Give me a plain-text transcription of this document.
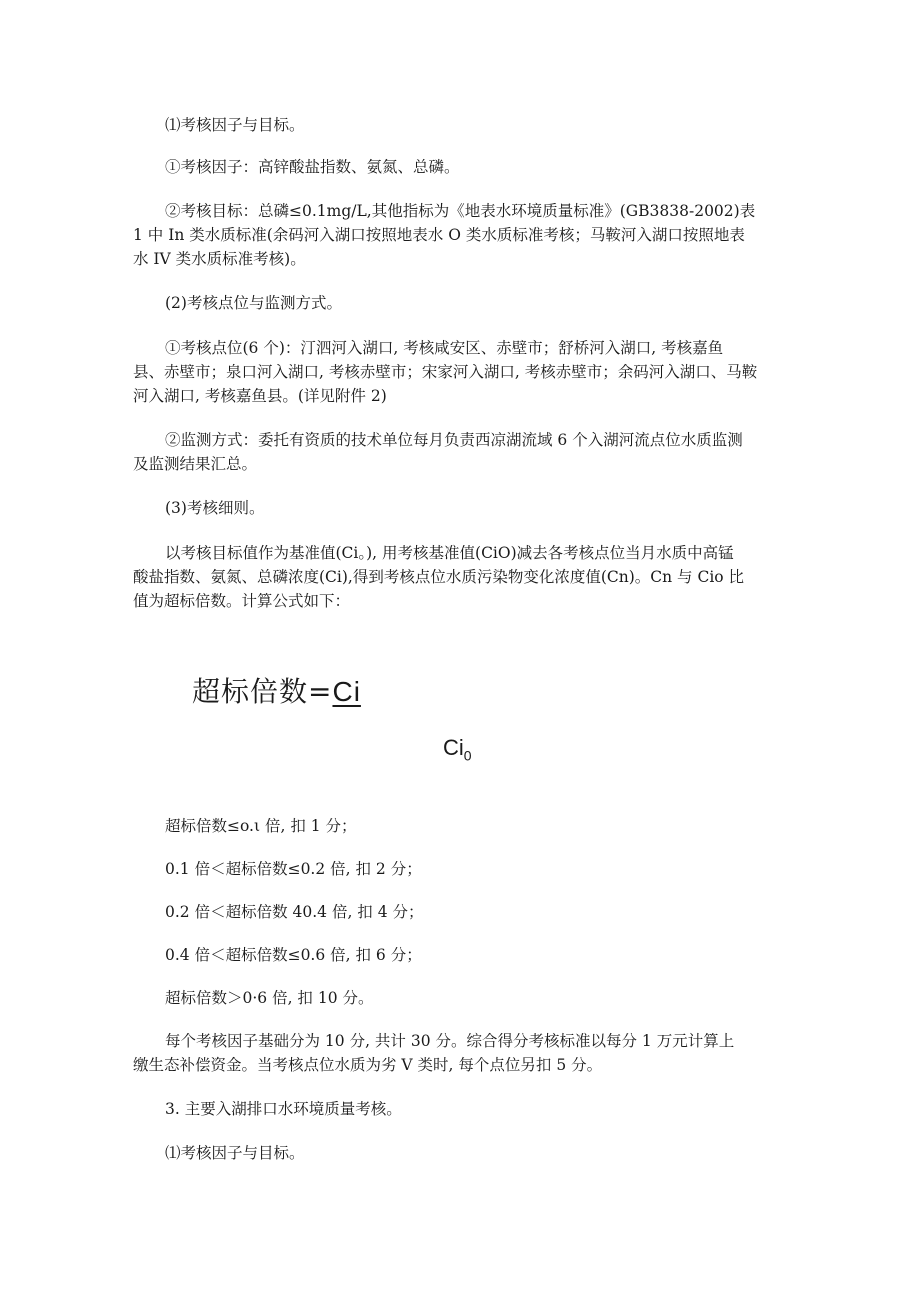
⑴考核因子与目标。
①考核因子：高锌酸盐指数、氨氮、总磷。
②考核目标：总磷≤0.1mg/L,其他指标为《地表水环境质量标准》(GB3838-2002)表
1 中 In 类水质标准(余码河入湖口按照地表水 O 类水质标准考核；马鞍河入湖口按照地表
水 IV 类水质标准考核)。
(2)考核点位与监测方式。
①考核点位(6 个)：汀泗河入湖口, 考核咸安区、赤壁市；舒桥河入湖口, 考核嘉鱼
县、赤壁市；泉口河入湖口, 考核赤壁市；宋家河入湖口, 考核赤壁市；余码河入湖口、马鞍
河入湖口, 考核嘉鱼县。(详见附件 2)
②监测方式：委托有资质的技术单位每月负责西凉湖流域 6 个入湖河流点位水质监测
及监测结果汇总。
(3)考核细则。
以考核目标值作为基准值(Ci。), 用考核基准值(CiO)减去各考核点位当月水质中高锰
酸盐指数、氨氮、总磷浓度(Ci),得到考核点位水质污染物变化浓度值(Cn)。Cn 与 Cio 比
值为超标倍数。计算公式如下：
超标倍数=Ci
$Ci_0$
超标倍数≤o.ι 倍, 扣 1 分；
0.1 倍＜超标倍数≤0.2 倍, 扣 2 分；
0.2 倍＜超标倍数 40.4 倍, 扣 4 分；
0.4 倍＜超标倍数≤0.6 倍, 扣 6 分；
超标倍数＞0·6 倍, 扣 10 分。
每个考核因子基础分为 10 分, 共计 30 分。综合得分考核标准以每分 1 万元计算上
缴生态补偿资金。当考核点位水质为劣 V 类时, 每个点位另扣 5 分。
3. 主要入湖排口水环境质量考核。
⑴考核因子与目标。
